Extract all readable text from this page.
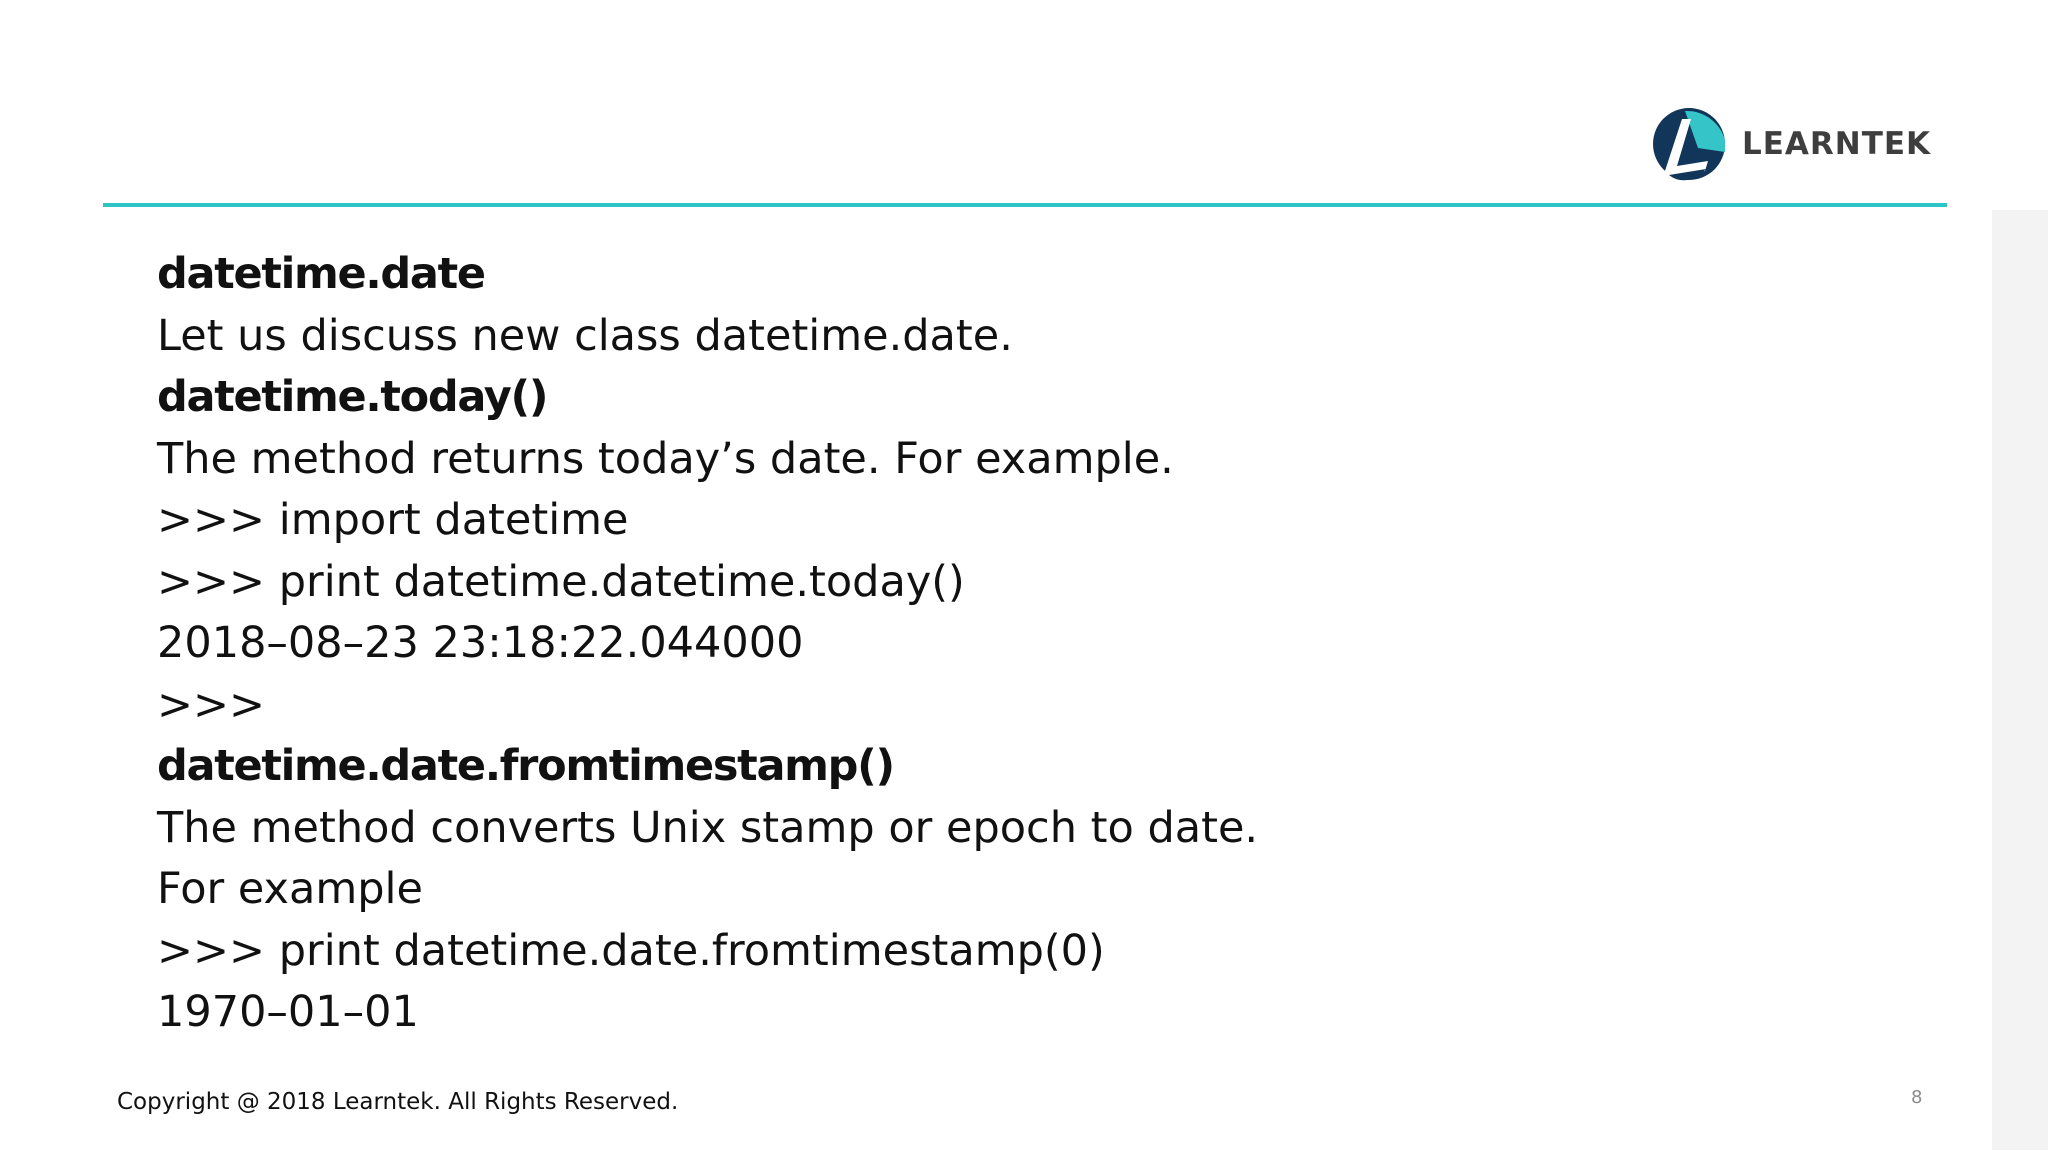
LEARNTEK
datetime.date
Let us discuss new class datetime.date.
datetime.today()
The method returns today’s date. For example.
>>> import datetime
>>> print datetime.datetime.today()
2018–08–23 23:18:22.044000
>>>
datetime.date.fromtimestamp()
The method converts Unix stamp or epoch to date.
For example
>>> print datetime.date.fromtimestamp(0)
1970–01–01
Copyright @ 2018 Learntek. All Rights Reserved.	8
